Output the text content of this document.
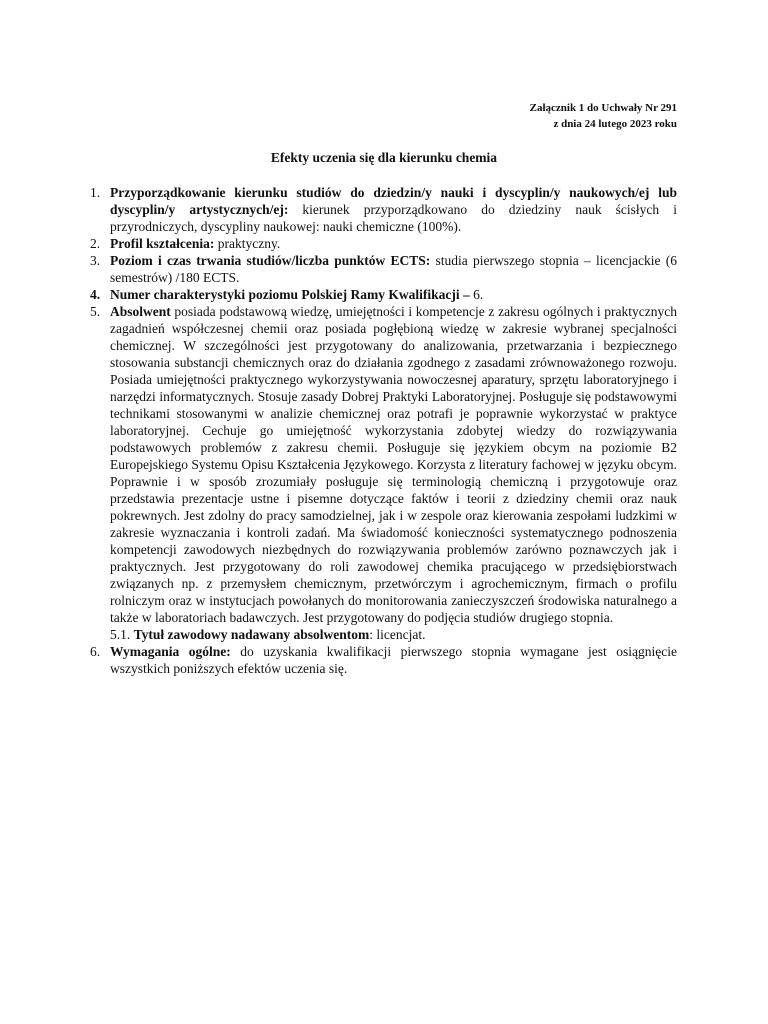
Załącznik 1 do Uchwały Nr 291
z dnia 24 lutego 2023 roku
Efekty uczenia się dla kierunku chemia
1. Przyporządkowanie kierunku studiów do dziedzin/y nauki i dyscyplin/y naukowych/ej lub dyscyplin/y artystycznych/ej: kierunek przyporządkowano do dziedziny nauk ścisłych i przyrodniczych, dyscypliny naukowej: nauki chemiczne (100%).
2. Profil kształcenia: praktyczny.
3. Poziom i czas trwania studiów/liczba punktów ECTS: studia pierwszego stopnia – licencjackie (6 semestrów) /180 ECTS.
4. Numer charakterystyki poziomu Polskiej Ramy Kwalifikacji – 6.
5. Absolwent posiada podstawową wiedzę, umiejętności i kompetencje z zakresu ogólnych i praktycznych zagadnień współczesnej chemii oraz posiada pogłębioną wiedzę w zakresie wybranej specjalności chemicznej. W szczególności jest przygotowany do analizowania, przetwarzania i bezpiecznego stosowania substancji chemicznych oraz do działania zgodnego z zasadami zrównoważonego rozwoju. Posiada umiejętności praktycznego wykorzystywania nowoczesnej aparatury, sprzętu laboratoryjnego i narzędzi informatycznych. Stosuje zasady Dobrej Praktyki Laboratoryjnej. Posługuje się podstawowymi technikami stosowanymi w analizie chemicznej oraz potrafi je poprawnie wykorzystać w praktyce laboratoryjnej. Cechuje go umiejętność wykorzystania zdobytej wiedzy do rozwiązywania podstawowych problemów z zakresu chemii. Posługuje się językiem obcym na poziomie B2 Europejskiego Systemu Opisu Kształcenia Językowego. Korzysta z literatury fachowej w języku obcym. Poprawnie i w sposób zrozumiały posługuje się terminologią chemiczną i przygotowuje oraz przedstawia prezentacje ustne i pisemne dotyczące faktów i teorii z dziedziny chemii oraz nauk pokrewnych. Jest zdolny do pracy samodzielnej, jak i w zespole oraz kierowania zespołami ludzkimi w zakresie wyznaczania i kontroli zadań. Ma świadomość konieczności systematycznego podnoszenia kompetencji zawodowych niezbędnych do rozwiązywania problemów zarówno poznawczych jak i praktycznych. Jest przygotowany do roli zawodowej chemika pracującego w przedsiębiorstwach związanych np. z przemysłem chemicznym, przetwórczym i agrochemicznym, firmach o profilu rolniczym oraz w instytucjach powołanych do monitorowania zanieczyszczeń środowiska naturalnego a także w laboratoriach badawczych. Jest przygotowany do podjęcia studiów drugiego stopnia.
5.1. Tytuł zawodowy nadawany absolwentom: licencjat.
6. Wymagania ogólne: do uzyskania kwalifikacji pierwszego stopnia wymagane jest osiągnięcie wszystkich poniższych efektów uczenia się.
